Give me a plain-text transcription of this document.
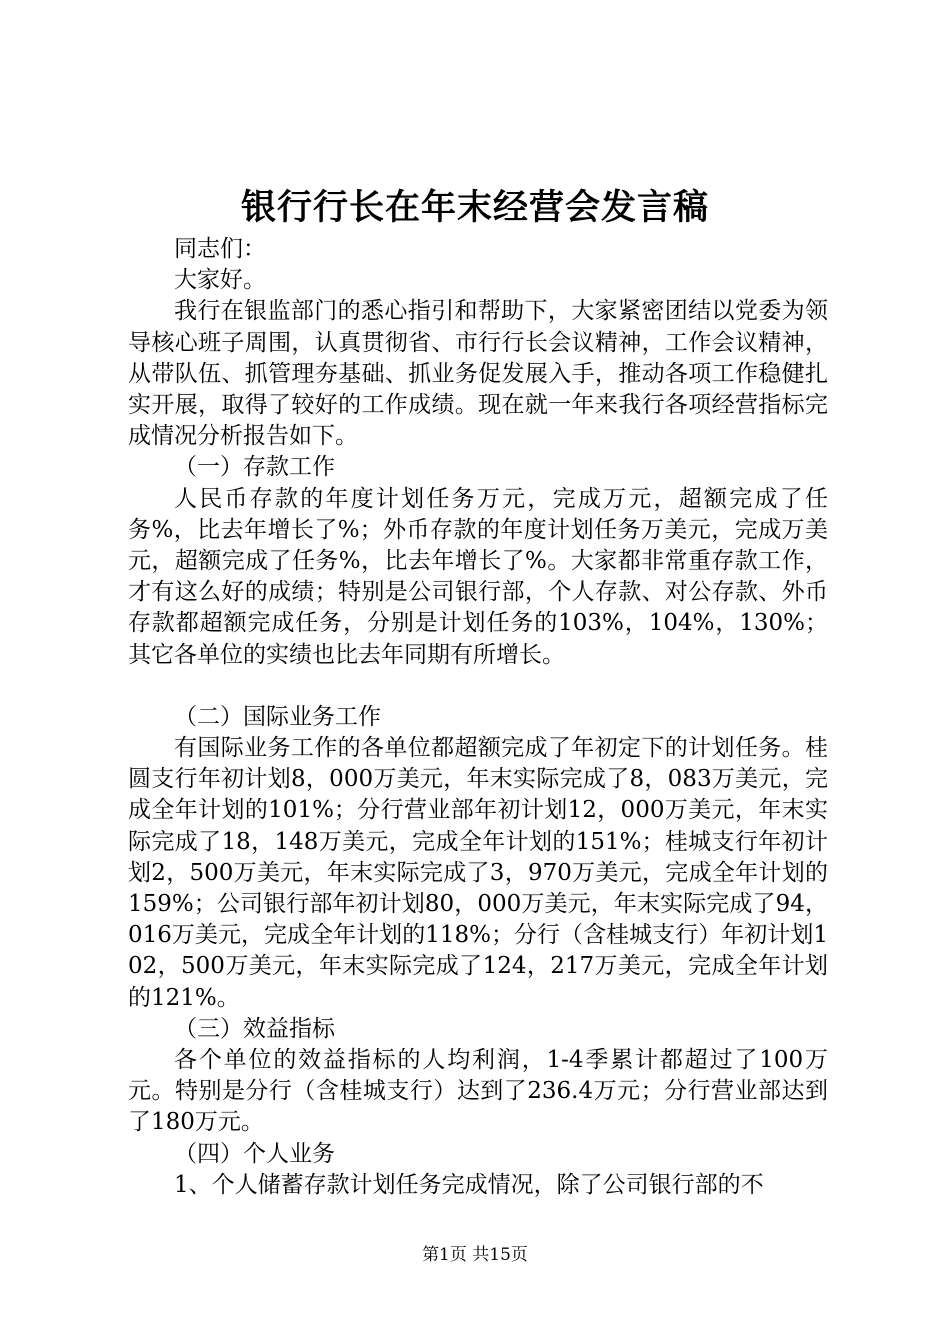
银行行长在年末经营会发言稿

同志们：

大家好。

我行在银监部门的悉心指引和帮助下，大家紧密团结以党委为领导核心班子周围，认真贯彻省、市行行长会议精神，工作会议精神，从带队伍、抓管理夯基础、抓业务促发展入手，推动各项工作稳健扎实开展，取得了较好的工作成绩。现在就一年来我行各项经营指标完成情况分析报告如下。

（一）存款工作

人民币存款的年度计划任务万元，完成万元，超额完成了任务%，比去年增长了%；外币存款的年度计划任务万美元，完成万美元，超额完成了任务%，比去年增长了%。大家都非常重存款工作，才有这么好的成绩；特别是公司银行部，个人存款、对公存款、外币存款都超额完成任务，分别是计划任务的103%，104%，130%；其它各单位的实绩也比去年同期有所增长。

（二）国际业务工作

有国际业务工作的各单位都超额完成了年初定下的计划任务。桂圆支行年初计划8，000万美元，年末实际完成了8，083万美元，完成全年计划的101%；分行营业部年初计划12，000万美元，年末实际完成了18，148万美元，完成全年计划的151%；桂城支行年初计划2，500万美元，年末实际完成了3，970万美元，完成全年计划的159%；公司银行部年初计划80，000万美元，年末实际完成了94，016万美元，完成全年计划的118%；分行（含桂城支行）年初计划102，500万美元，年末实际完成了124，217万美元，完成全年计划的121%。

（三）效益指标

各个单位的效益指标的人均利润，1-4季累计都超过了100万元。特别是分行（含桂城支行）达到了236.4万元；分行营业部达到了180万元。

（四）个人业务

1、个人储蓄存款计划任务完成情况，除了公司银行部的不

第1页 共15页
